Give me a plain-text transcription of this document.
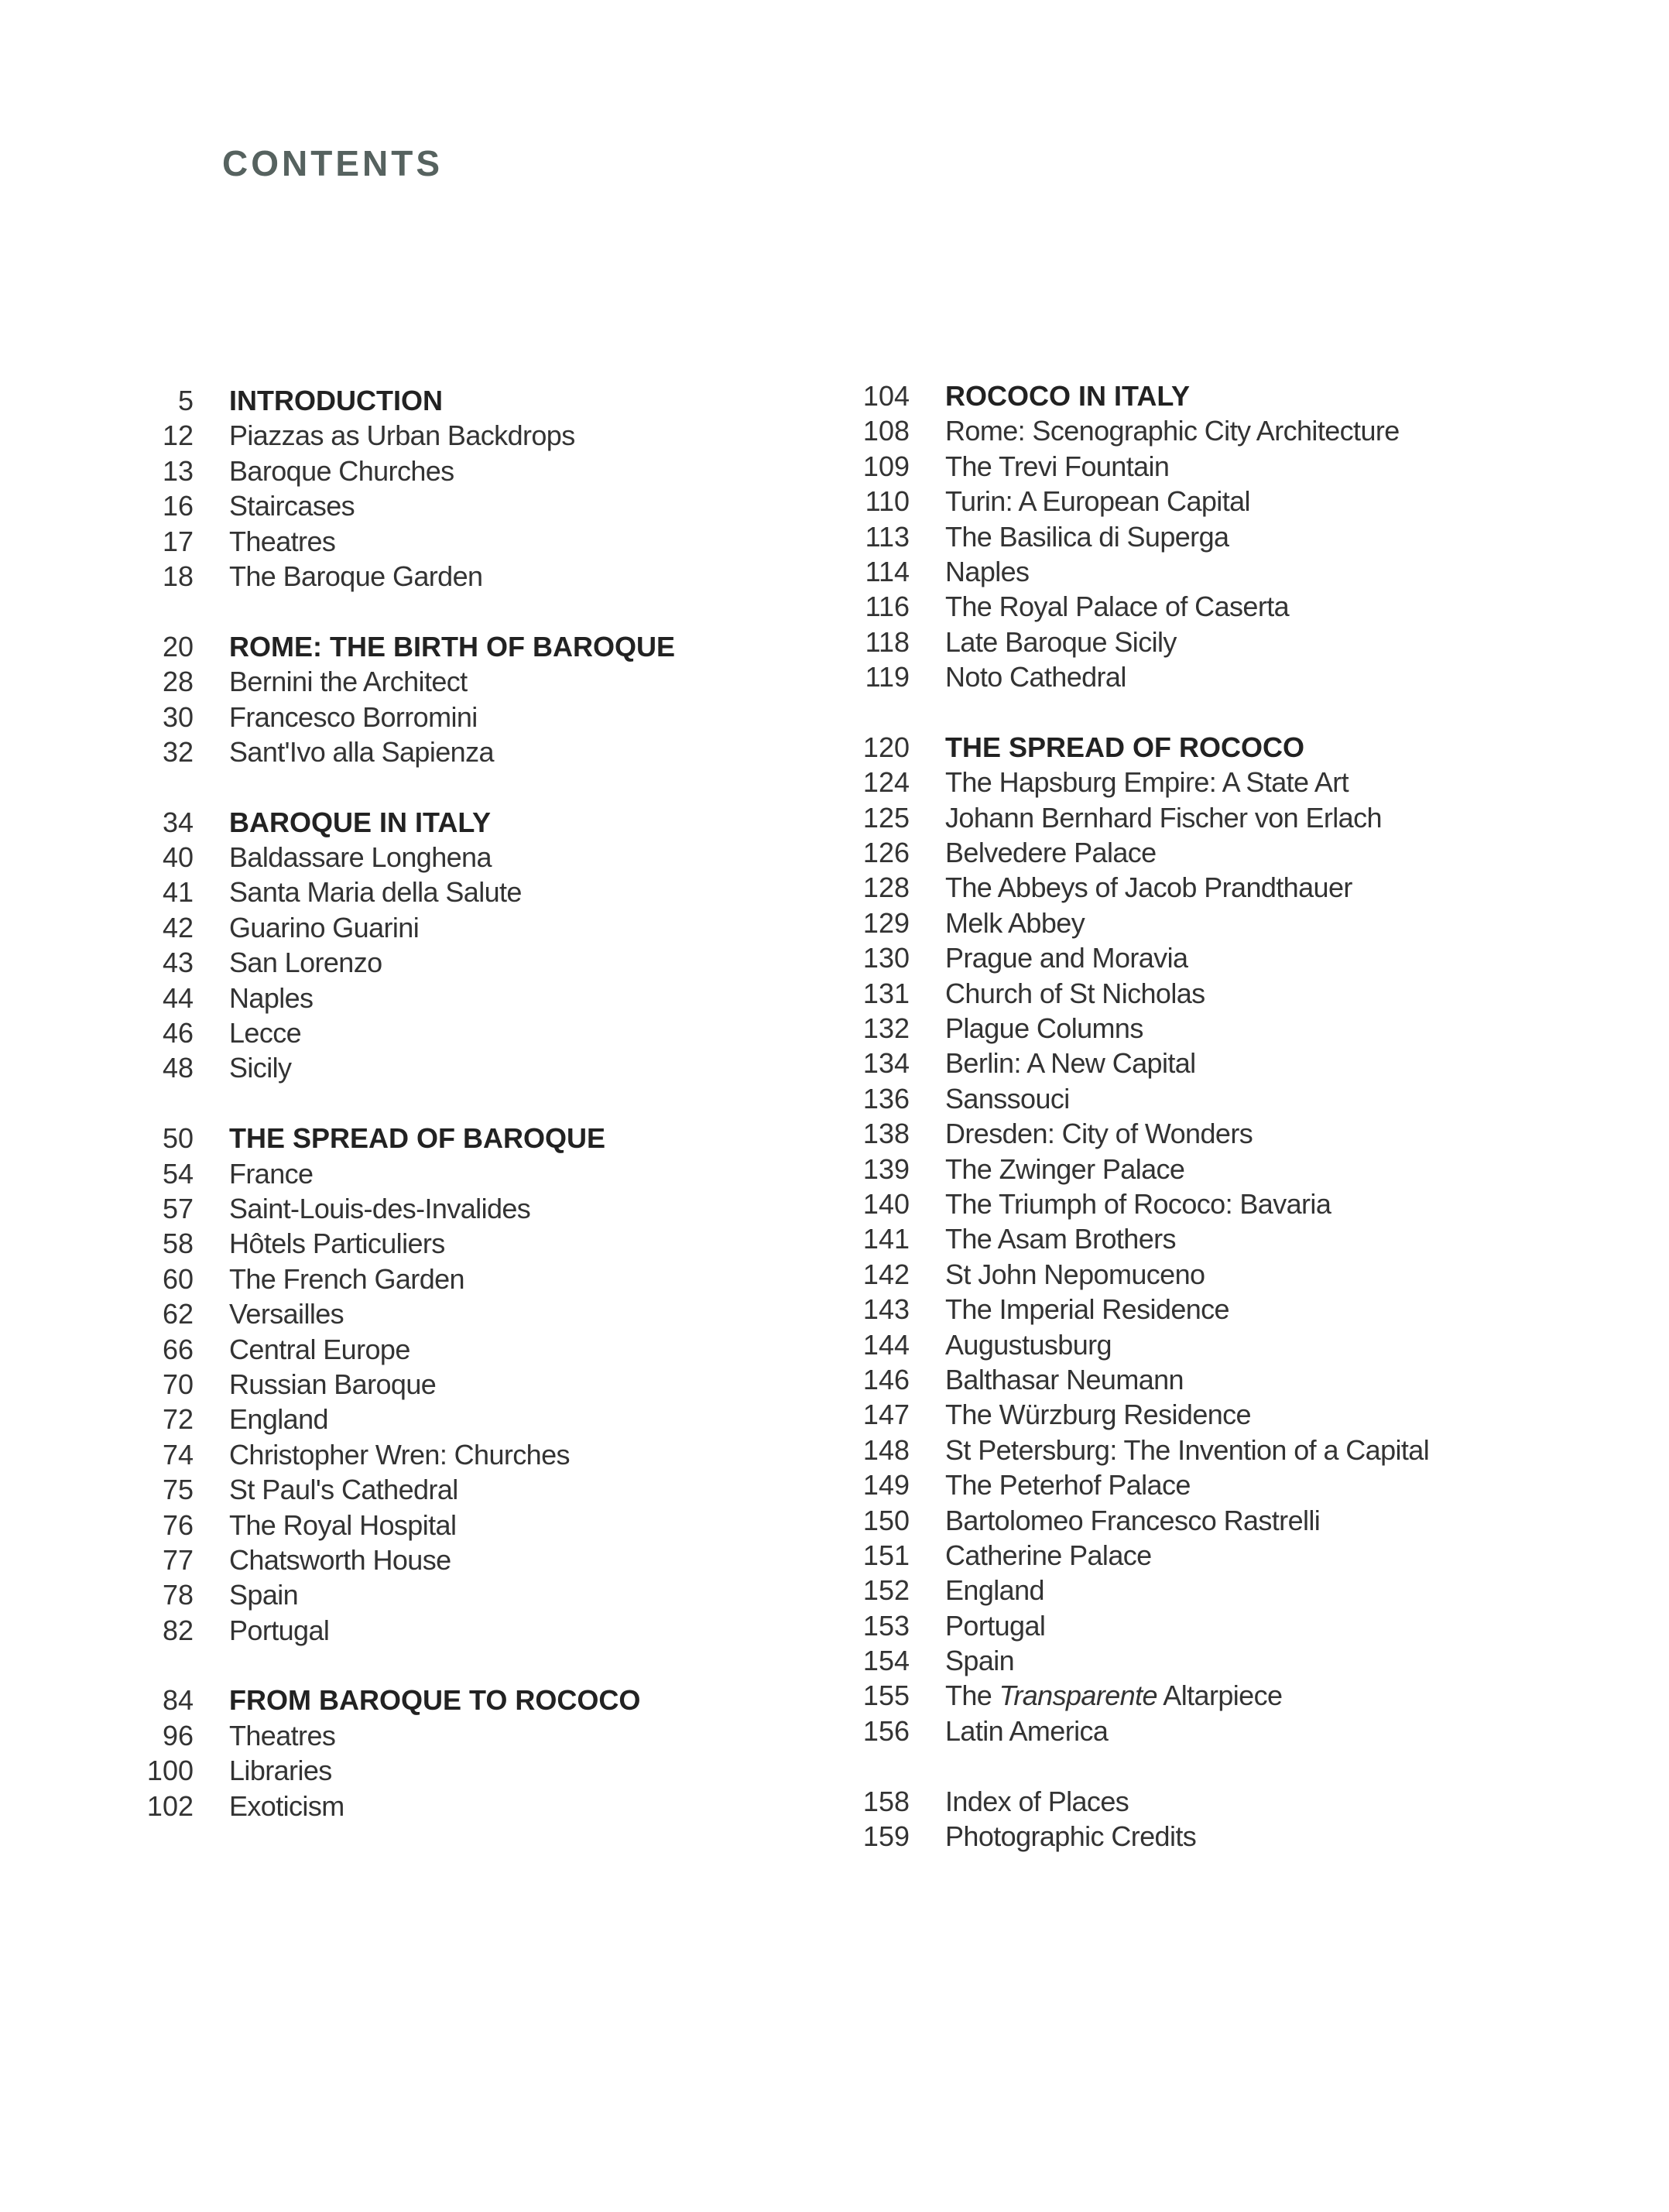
CONTENTS
5 INTRODUCTION
12 Piazzas as Urban Backdrops
13 Baroque Churches
16 Staircases
17 Theatres
18 The Baroque Garden
20 ROME: THE BIRTH OF BAROQUE
28 Bernini the Architect
30 Francesco Borromini
32 Sant'Ivo alla Sapienza
34 BAROQUE IN ITALY
40 Baldassare Longhena
41 Santa Maria della Salute
42 Guarino Guarini
43 San Lorenzo
44 Naples
46 Lecce
48 Sicily
50 THE SPREAD OF BAROQUE
54 France
57 Saint-Louis-des-Invalides
58 Hôtels Particuliers
60 The French Garden
62 Versailles
66 Central Europe
70 Russian Baroque
72 England
74 Christopher Wren: Churches
75 St Paul's Cathedral
76 The Royal Hospital
77 Chatsworth House
78 Spain
82 Portugal
84 FROM BAROQUE TO ROCOCO
96 Theatres
100 Libraries
102 Exoticism
104 ROCOCO IN ITALY
108 Rome: Scenographic City Architecture
109 The Trevi Fountain
110 Turin: A European Capital
113 The Basilica di Superga
114 Naples
116 The Royal Palace of Caserta
118 Late Baroque Sicily
119 Noto Cathedral
120 THE SPREAD OF ROCOCO
124 The Hapsburg Empire: A State Art
125 Johann Bernhard Fischer von Erlach
126 Belvedere Palace
128 The Abbeys of Jacob Prandthauer
129 Melk Abbey
130 Prague and Moravia
131 Church of St Nicholas
132 Plague Columns
134 Berlin: A New Capital
136 Sanssouci
138 Dresden: City of Wonders
139 The Zwinger Palace
140 The Triumph of Rococo: Bavaria
141 The Asam Brothers
142 St John Nepomuceno
143 The Imperial Residence
144 Augustusburg
146 Balthasar Neumann
147 The Würzburg Residence
148 St Petersburg: The Invention of a Capital
149 The Peterhof Palace
150 Bartolomeo Francesco Rastrelli
151 Catherine Palace
152 England
153 Portugal
154 Spain
155 The Transparente Altarpiece
156 Latin America
158 Index of Places
159 Photographic Credits
